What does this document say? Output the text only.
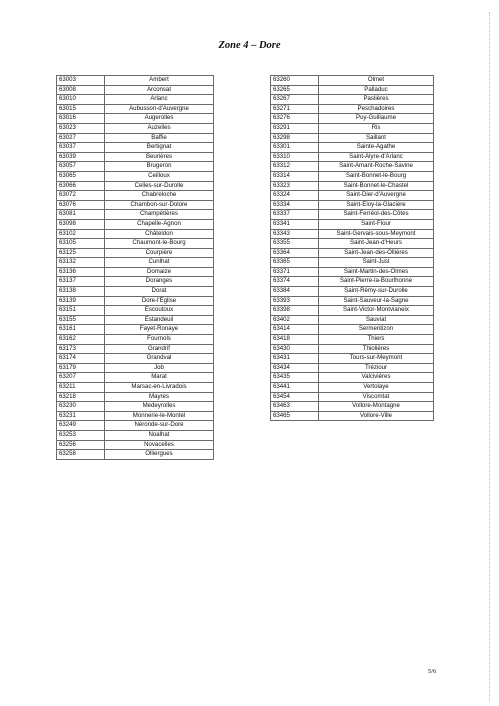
Zone 4 – Dore
63003	Ambert
63008	Arconsat
63010	Arlanc
63015	Aubusson-d'Auvergne
63016	Augerolles
63023	Auzelles
63027	Baffie
63037	Bertignat
63039	Beurières
63057	Brugeron
63065	Ceilloux
63066	Celles-sur-Durolle
63072	Chabreloche
63076	Chambon-sur-Dolore
63081	Champétières
63098	Chapelle-Agnon
63102	Châteldon
63105	Chaumont-le-Bourg
63125	Courpière
63132	Cunlhat
63136	Domaize
63137	Doranges
63138	Dorat
63139	Dore-l'Église
63151	Escoutoux
63155	Estandeuil
63161	Fayet-Ronaye
63162	Fournols
63173	Grandrif
63174	Grandval
63179	Job
63207	Marat
63211	Marsac-en-Livradois
63218	Mayres
63230	Medeyrolles
63231	Monnerie-le-Montel
63249	Néronde-sur-Dore
63253	Noalhat
63256	Novacelles
63258	Olliergues
63260	Olmet
63265	Palladuc
63267	Paslières
63271	Peschadoires
63276	Puy-Guillaume
63291	Ris
63298	Saillant
63301	Sainte-Agathe
63310	Saint-Alyre-d'Arlanc
63312	Saint-Amant-Roche-Savine
63314	Saint-Bonnet-le-Bourg
63323	Saint-Bonnet-le-Chastel
63324	Saint-Dier-d'Auvergne
63334	Saint-Éloy-la-Glacière
63337	Saint-Ferréol-des-Côtes
63341	Saint-Flour
63343	Saint-Gervais-sous-Meymont
63355	Saint-Jean-d'Heurs
63364	Saint-Jean-des-Ollières
63365	Saint-Just
63371	Saint-Martin-des-Olmes
63374	Saint-Pierre-la-Bourlhonne
63384	Saint-Rémy-sur-Durolle
63393	Saint-Sauveur-la-Sagne
63398	Saint-Victor-Montvianeix
63402	Sauviat
63414	Sermentizon
63418	Thiers
63430	Thiolières
63431	Tours-sur-Meymont
63434	Tréziour
63435	Valcivières
63441	Vertolaye
63454	Viscomtat
63463	Vollore-Montagne
63465	Vollore-Ville
5/6
